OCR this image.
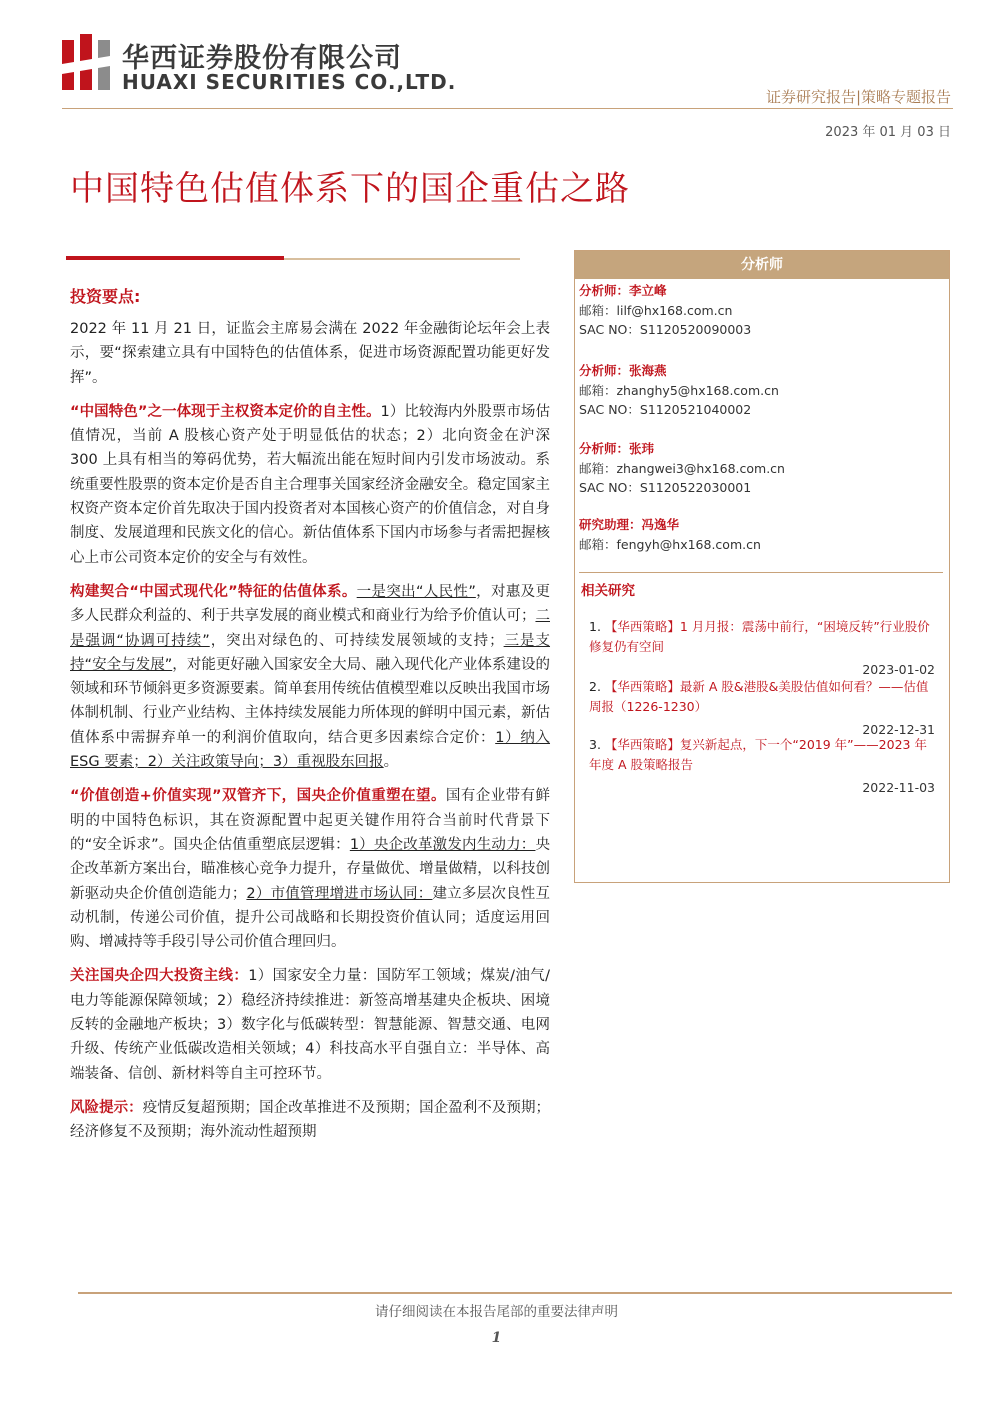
华西证券股份有限公司
HUAXI SECURITIES CO.,LTD.
证券研究报告|策略专题报告
2023 年 01 月 03 日
中国特色估值体系下的国企重估之路
投资要点:

2022 年 11 月 21 日，证监会主席易会满在 2022 年金融街论坛年会上表示，要“探索建立具有中国特色的估值体系，促进市场资源配置功能更好发挥”。

“中国特色”之一体现于主权资本定价的自主性。1）比较海内外股票市场估值情况，当前 A 股核心资产处于明显低估的状态；2）北向资金在沪深 300 上具有相当的筹码优势，若大幅流出能在短时间内引发市场波动。系统重要性股票的资本定价是否自主合理事关国家经济金融安全。稳定国家主权资产资本定价首先取决于国内投资者对本国核心资产的价值信念，对自身制度、发展道理和民族文化的信心。新估值体系下国内市场参与者需把握核心上市公司资本定价的安全与有效性。

构建契合“中国式现代化”特征的估值体系。一是突出“人民性”，对惠及更多人民群众利益的、利于共享发展的商业模式和商业行为给予价值认可；二是强调“协调可持续”，突出对绿色的、可持续发展领域的支持；三是支持“安全与发展”，对能更好融入国家安全大局、融入现代化产业体系建设的领域和环节倾斜更多资源要素。简单套用传统估值模型难以反映出我国市场体制机制、行业产业结构、主体持续发展能力所体现的鲜明中国元素，新估值体系中需摒弃单一的利润价值取向，结合更多因素综合定价：1）纳入 ESG 要素；2）关注政策导向；3）重视股东回报。

“价值创造+价值实现”双管齐下，国央企价值重塑在望。国有企业带有鲜明的中国特色标识，其在资源配置中起更关键作用符合当前时代背景下的“安全诉求”。国央企估值重塑底层逻辑：1）央企改革激发内生动力：央企改革新方案出台，瞄准核心竞争力提升，存量做优、增量做精，以科技创新驱动央企价值创造能力；2）市值管理增进市场认同：建立多层次良性互动机制，传递公司价值，提升公司战略和长期投资价值认同；适度运用回购、增减持等手段引导公司价值合理回归。

关注国央企四大投资主线：1）国家安全力量：国防军工领域；煤炭/油气/电力等能源保障领域；2）稳经济持续推进：新签高增基建央企板块、困境反转的金融地产板块；3）数字化与低碳转型：智慧能源、智慧交通、电网升级、传统产业低碳改造相关领域；4）科技高水平自强自立：半导体、高端装备、信创、新材料等自主可控环节。

风险提示：疫情反复超预期；国企改革推进不及预期；国企盈利不及预期；经济修复不及预期；海外流动性超预期

分析师
分析师：李立峰
邮箱：lilf@hx168.com.cn
SAC NO：S1120520090003
分析师：张海燕
邮箱：zhanghy5@hx168.com.cn
SAC NO：S1120521040002
分析师：张玮
邮箱：zhangwei3@hx168.com.cn
SAC NO：S1120522030001
研究助理：冯逸华
邮箱：fengyh@hx168.com.cn
相关研究
1. 【华西策略】1 月月报：震荡中前行，“困境反转”行业股价修复仍有空间
2023-01-02
2. 【华西策略】最新 A 股&港股&美股估值如何看？——估值周报（1226-1230）
2022-12-31
3. 【华西策略】复兴新起点，下一个“2019 年”——2023 年年度 A 股策略报告
2022-11-03
请仔细阅读在本报告尾部的重要法律声明
1
